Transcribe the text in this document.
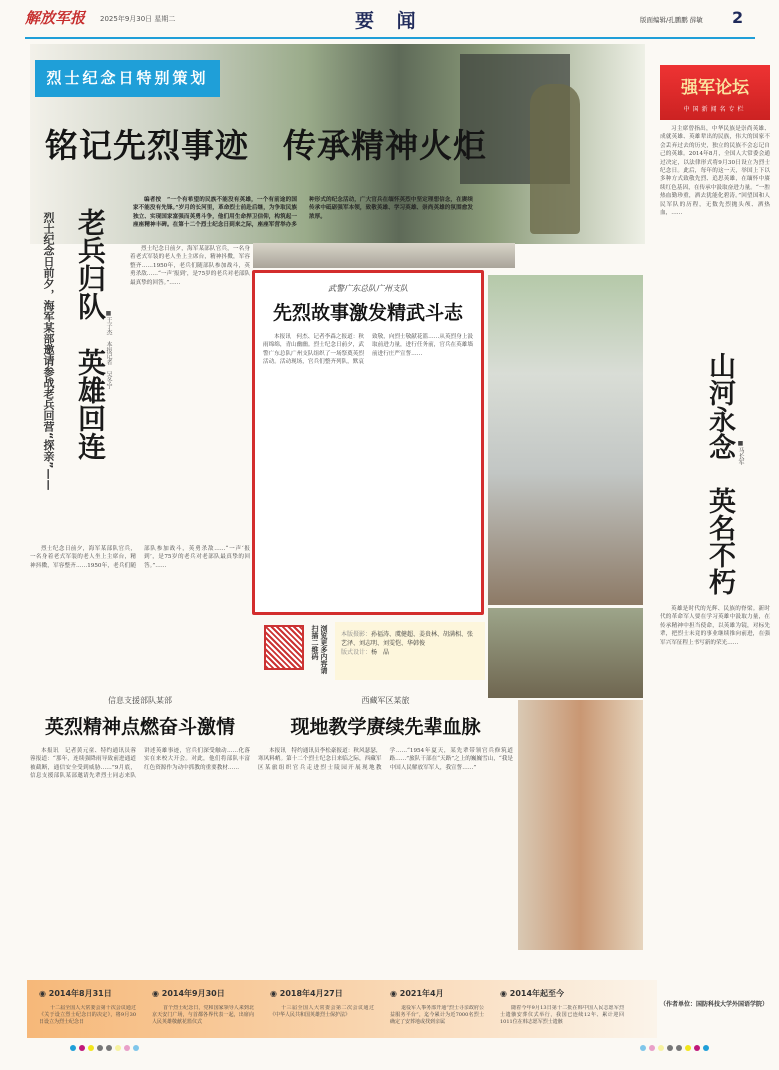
解放军报 2025年9月30日 星期二	要 闻	版面编辑/孔鹏鹏 薛敏 2
烈士纪念日特别策划
铭记先烈事迹　传承精神火炬
编者按　“一个有希望的民族不能没有英雄，一个有前途的国家不能没有先锋。”岁月的长河里，革命烈士前赴后继，为争取民族独立、实现国家富强而英勇斗争，他们用生命捍卫信仰，构筑起一座座精神丰碑。在第十二个烈士纪念日到来之际，座座军营举办多种形式的纪念活动，广大官兵在缅怀英烈中坚定理想信念，在赓续传承中砥砺强军本领，致敬英雄、学习英雄、崇尚英雄的氛围愈发浓厚。
强军论坛
中国新闻名专栏
习主席曾指出，中华民族是崇尚英雄、成就英雄、英雄辈出的民族，伟大的国家不会丢弃过去的历史，独立的民族不会忘记自己的英雄。2014年8月，全国人大常委会通过决定，以法律形式将9月30日设立为烈士纪念日。此后，每年的这一天，举国上下以多种方式致敬先烈、追思英雄，在缅怀中赓续红色基因，在传承中汲取奋进力量。“一腔热血勤珍重，洒去犹能化碧涛。”回望国和人民军队的历程，无数先烈抛头颅、洒热血，……
山河永念　英名不朽 ■马长军
英雄是时代的光辉、民族的脊梁。新时代的革命军人要在学习英雄中汲取力量，在传承精神中担当使命，以英雄为镜，对标先辈，把烈士未竟的事业继续推向前进，在强军兴军征程上书写新的荣光……
（作者单位：国防科技大学外国语学院）
老兵归队　英雄回连
烈士纪念日前夕，海军某部邀请参战老兵回营“探亲”——	■王子杰　本报记者　吴冬宁
烈士纪念日前夕，海军某部队官兵，一名身着老式军装的老人坐上主席台，精神抖擞，军容整齐……1950年，老兵们随部队参加战斗，英勇杀敌……“一声‘报到’，是75岁的老兵对老部队最真挚的回答。”……
烈士纪念日前夕，海军某部队官兵，一名身着老式军装的老人坐上主席台，精神抖擞，军容整齐……1950年，老兵们随部队参加战斗，英勇杀敌……“一声‘报到’，是75岁的老兵对老部队最真挚的回答。”……
武警广东总队广州支队
先烈故事激发精武斗志
本报讯　何杰、记者李森之报道：秋雨绵绵，青山幽幽。烈士纪念日前夕，武警广东总队广州支队组织了一场祭奠英烈活动。活动现场，官兵们整齐列队，默哀致敬，向烈士敬献花篮……从英烈身上汲取前进力量，进行任务前，官兵在英雄墙前进行庄严宣誓……
浏览更多内容请扫描二维码	本版摄影：孙福涛、虞健超、姜贵林、胡满相、张艺泽、刘志明、刘雯恺、华韩俊
版式设计：杨　晶
信息支援部队某部
英烈精神点燃奋斗激情
本报讯　记者黄元童、特约通讯员蓉蓉报道：“那年，连续强降雨导致前进通道被截断，通信安全受到威胁……”9月底，信息支援部队某部邀请先辈烈士同志来队讲述英雄事迹，官兵们深受触动……化落实在来校大开会。对此，他们将部队丰富红色资源作为动中抓教的重要教材……
西藏军区某旅
现地教学赓续先辈血脉
本报讯　特约通讯员李松豪报道：秋风瑟瑟，寒风料峭。第十二个烈士纪念日来临之际，西藏军区某旅组织官兵走进烈士陵园开展现地教学……“1954年夏天，某先辈带领官兵修筑道路……”旅队干部在“天路”之上的巍巍雪山，“我是中国人民解放军军人，我宣誓……”
◉ 2014年8月31日
十二届全国人大常委会第十次会议通过《关于设立烈士纪念日的决定》，将9月30日设立为烈士纪念日
◉ 2014年9月30日
首个烈士纪念日，党和国家领导人来到北京天安门广场，与首都各界代表一起，出席向人民英雄敬献花篮仪式
◉ 2018年4月27日
十三届全国人大常委会第二次会议通过《中华人民共和国英雄烈士保护法》
◉ 2021年4月
退役军人事务部开通“烈士寻亲政府公益服务平台”，迄今累计为近7000名烈士确定了安葬地或找到亲属
◉ 2014年起至今
随着今年9月13日第十二批在韩中国人民志愿军烈士遗骸安葬仪式举行，我国已连续12年、累计迎回1011位在韩志愿军烈士遗骸
